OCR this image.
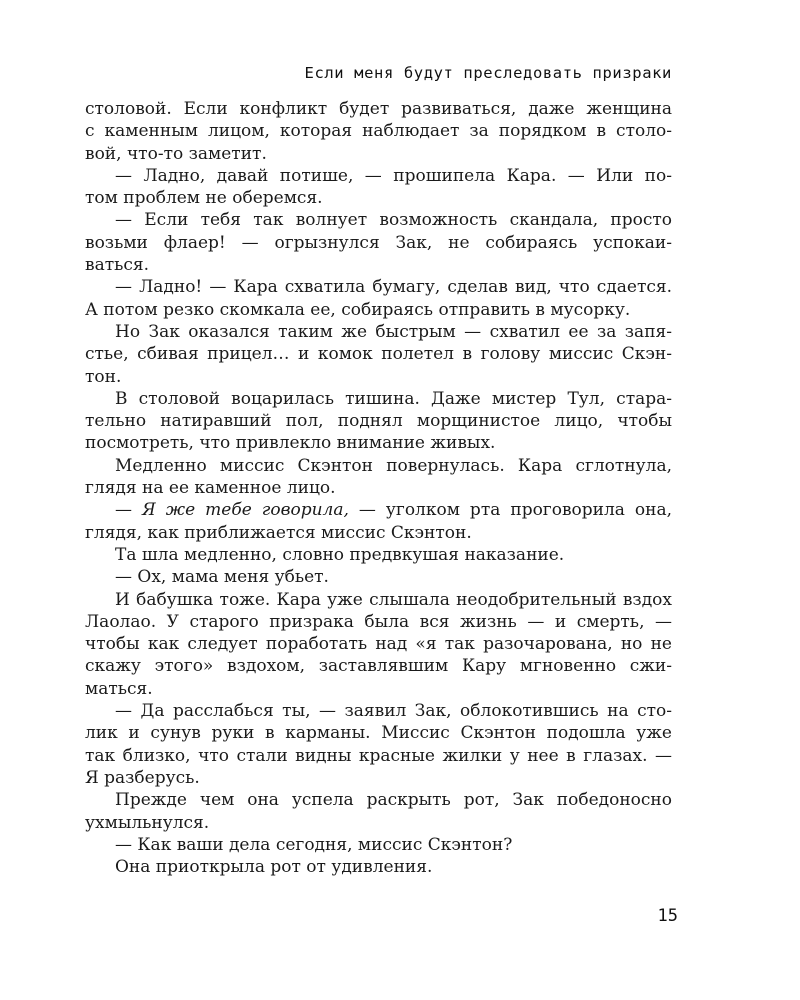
Если меня будут преследовать призраки
столовой. Если конфликт будет развиваться, даже женщина
с каменным лицом, которая наблюдает за порядком в столо-
вой, что-то заметит.
— Ладно, давай потише, — прошипела Кара. — Или по-
том проблем не оберемся.
— Если тебя так волнует возможность скандала, просто
возьми флаер! — огрызнулся Зак, не собираясь успокаи-
ваться.
— Ладно! — Кара схватила бумагу, сделав вид, что сдается.
А потом резко скомкала ее, собираясь отправить в мусорку.
Но Зак оказался таким же быстрым — схватил ее за запя-
стье, сбивая прицел… и комок полетел в голову миссис Скэн-
тон.
В столовой воцарилась тишина. Даже мистер Тул, старa-
тельно натиравший пол, поднял морщинистое лицо, чтобы
посмотреть, что привлекло внимание живых.
Медленно миссис Скэнтон повернулась. Кара сглотнула,
глядя на ее каменное лицо.
— Я же тебе говорила, — уголком рта проговорила она,
глядя, как приближается миссис Скэнтон.
Та шла медленно, словно предвкушая наказание.
— Ох, мама меня убьет.
И бабушка тоже. Кара уже слышала неодобрительный вздох
Лаолао. У старого призрака была вся жизнь — и смерть, —
чтобы как следует поработать над «я так разочарована, но не
скажу этого» вздохом, заставлявшим Кару мгновенно сжи-
маться.
— Да расслабься ты, — заявил Зак, облокотившись на сто-
лик и сунув руки в карманы. Миссис Скэнтон подошла уже
так близко, что стали видны красные жилки у нее в глазах. —
Я разберусь.
Прежде чем она успела раскрыть рот, Зак победоносно
ухмыльнулся.
— Как ваши дела сегодня, миссис Скэнтон?
Она приоткрыла рот от удивления.
15
